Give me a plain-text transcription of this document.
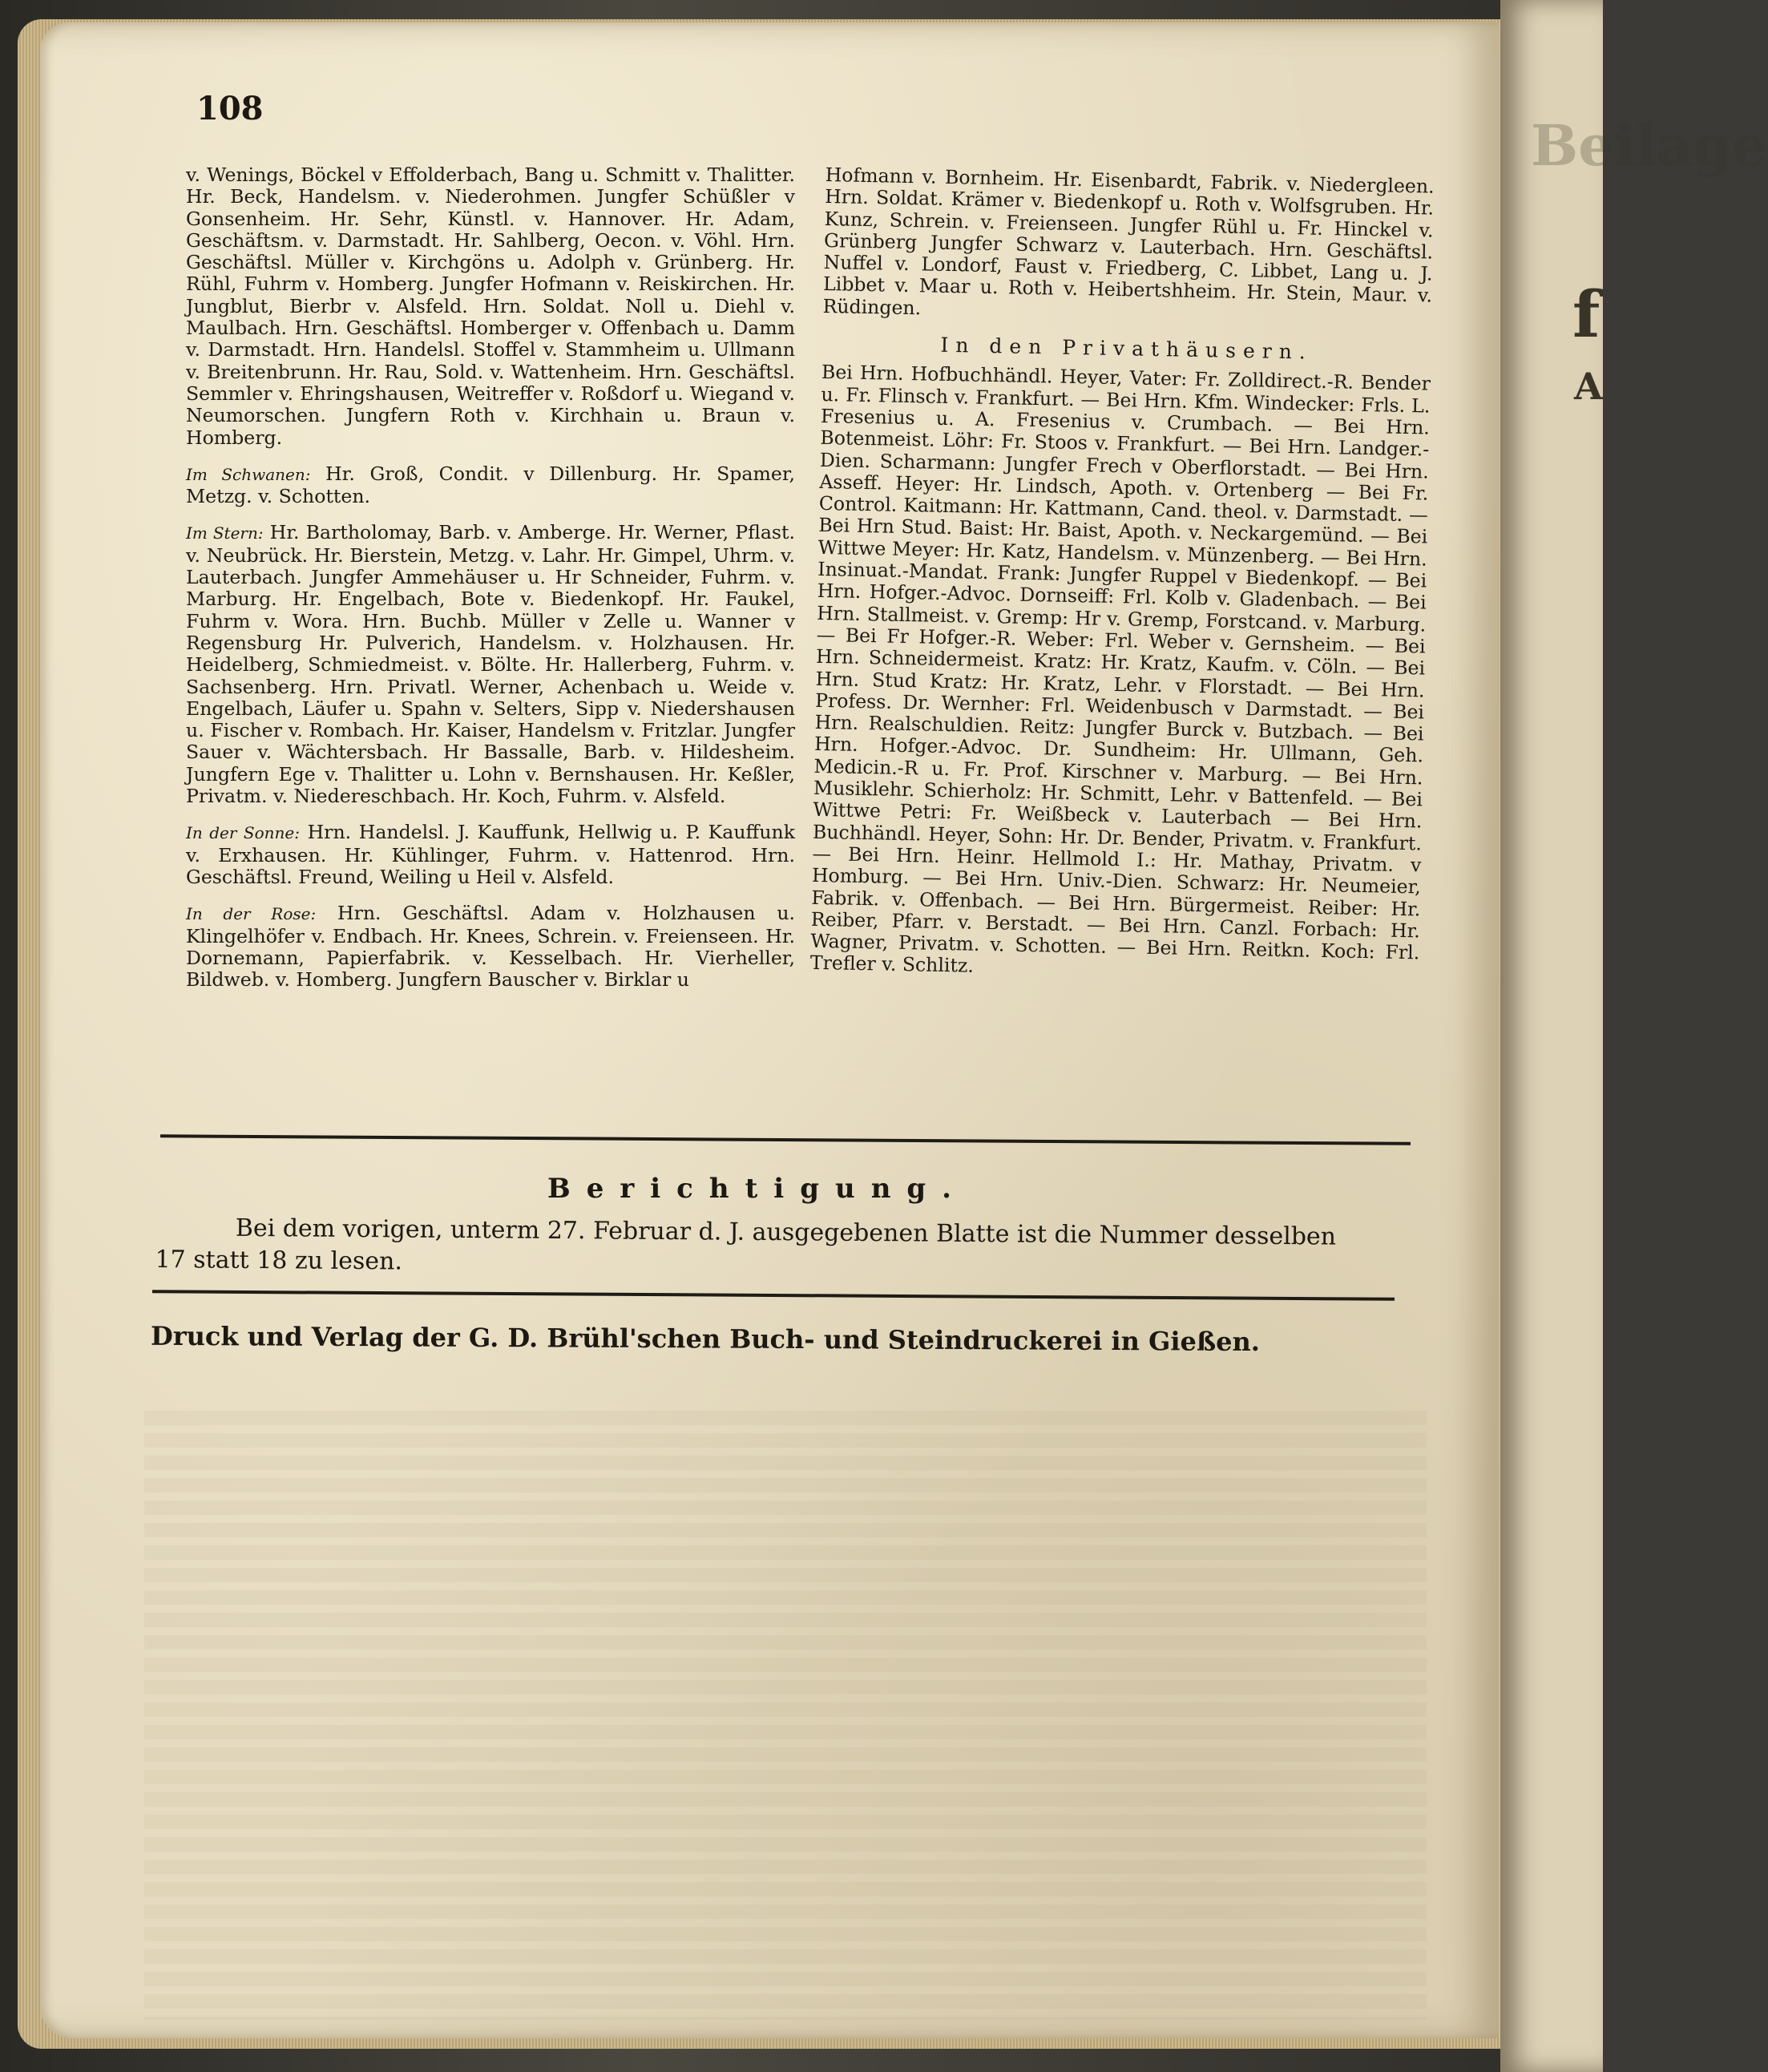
Beilage
A
f
108

v. Wenings, Böckel v Effolderbach, Bang u. Schmitt v. Thalitter. Hr. Beck, Handelsm. v. Niederohmen. Jungfer Schüßler v Gonsenheim. Hr. Sehr, Künstl. v. Hannover. Hr. Adam, Geschäftsm. v. Darmstadt. Hr. Sahlberg, Oecon. v. Vöhl. Hrn. Geschäftsl. Müller v. Kirchgöns u. Adolph v. Grünberg. Hr. Rühl, Fuhrm v. Homberg. Jungfer Hofmann v. Reiskirchen. Hr. Jungblut, Bierbr v. Alsfeld. Hrn. Soldat. Noll u. Diehl v. Maulbach. Hrn. Geschäftsl. Homberger v. Offenbach u. Damm v. Darmstadt. Hrn. Handelsl. Stoffel v. Stammheim u. Ullmann v. Breitenbrunn. Hr. Rau, Sold. v. Wattenheim. Hrn. Geschäftsl. Semmler v. Ehringshausen, Weitreffer v. Roßdorf u. Wiegand v. Neumorschen. Jungfern Roth v. Kirchhain u. Braun v. Homberg.

Im Schwanen: Hr. Groß, Condit. v Dillenburg. Hr. Spamer, Metzg. v. Schotten.

Im Stern: Hr. Bartholomay, Barb. v. Amberge. Hr. Werner, Pflast. v. Neubrück. Hr. Bierstein, Metzg. v. Lahr. Hr. Gimpel, Uhrm. v. Lauterbach. Jungfer Ammehäuser u. Hr Schneider, Fuhrm. v. Marburg. Hr. Engelbach, Bote v. Biedenkopf. Hr. Faukel, Fuhrm v. Wora. Hrn. Buchb. Müller v Zelle u. Wanner v Regensburg Hr. Pulverich, Handelsm. v. Holzhausen. Hr. Heidelberg, Schmiedmeist. v. Bölte. Hr. Hallerberg, Fuhrm. v. Sachsenberg. Hrn. Privatl. Werner, Achenbach u. Weide v. Engelbach, Läufer u. Spahn v. Selters, Sipp v. Niedershausen u. Fischer v. Rombach. Hr. Kaiser, Handelsm v. Fritzlar. Jungfer Sauer v. Wächtersbach. Hr Bassalle, Barb. v. Hildesheim. Jungfern Ege v. Thalitter u. Lohn v. Bernshausen. Hr. Keßler, Privatm. v. Niedereschbach. Hr. Koch, Fuhrm. v. Alsfeld.

In der Sonne: Hrn. Handelsl. J. Kauffunk, Hellwig u. P. Kauffunk v. Erxhausen. Hr. Kühlinger, Fuhrm. v. Hattenrod. Hrn. Geschäftsl. Freund, Weiling u Heil v. Alsfeld.

In der Rose: Hrn. Geschäftsl. Adam v. Holzhausen u. Klingelhöfer v. Endbach. Hr. Knees, Schrein. v. Freienseen. Hr. Dornemann, Papierfabrik. v. Kesselbach. Hr. Vierheller, Bildweb. v. Homberg. Jungfern Bauscher v. Birklar u

Hofmann v. Bornheim. Hr. Eisenbardt, Fabrik. v. Niedergleen. Hrn. Soldat. Krämer v. Biedenkopf u. Roth v. Wolfsgruben. Hr. Kunz, Schrein. v. Freienseen. Jungfer Rühl u. Fr. Hinckel v. Grünberg Jungfer Schwarz v. Lauterbach. Hrn. Geschäftsl. Nuffel v. Londorf, Faust v. Friedberg, C. Libbet, Lang u. J. Libbet v. Maar u. Roth v. Heibertshheim. Hr. Stein, Maur. v. Rüdingen.

In den Privathäusern.

Bei Hrn. Hofbuchhändl. Heyer, Vater: Fr. Zolldirect.-R. Bender u. Fr. Flinsch v. Frankfurt. — Bei Hrn. Kfm. Windecker: Frls. L. Fresenius u. A. Fresenius v. Crumbach. — Bei Hrn. Botenmeist. Löhr: Fr. Stoos v. Frankfurt. — Bei Hrn. Landger.-Dien. Scharmann: Jungfer Frech v Oberflorstadt. — Bei Hrn. Asseff. Heyer: Hr. Lindsch, Apoth. v. Ortenberg — Bei Fr. Control. Kaitmann: Hr. Kattmann, Cand. theol. v. Darmstadt. — Bei Hrn Stud. Baist: Hr. Baist, Apoth. v. Neckargemünd. — Bei Wittwe Meyer: Hr. Katz, Handelsm. v. Münzenberg. — Bei Hrn. Insinuat.-Mandat. Frank: Jungfer Ruppel v Biedenkopf. — Bei Hrn. Hofger.-Advoc. Dornseiff: Frl. Kolb v. Gladenbach. — Bei Hrn. Stallmeist. v. Gremp: Hr v. Gremp, Forstcand. v. Marburg. — Bei Fr Hofger.-R. Weber: Frl. Weber v. Gernsheim. — Bei Hrn. Schneidermeist. Kratz: Hr. Kratz, Kaufm. v. Cöln. — Bei Hrn. Stud Kratz: Hr. Kratz, Lehr. v Florstadt. — Bei Hrn. Profess. Dr. Wernher: Frl. Weidenbusch v Darmstadt. — Bei Hrn. Realschuldien. Reitz: Jungfer Burck v. Butzbach. — Bei Hrn. Hofger.-Advoc. Dr. Sundheim: Hr. Ullmann, Geh. Medicin.-R u. Fr. Prof. Kirschner v. Marburg. — Bei Hrn. Musiklehr. Schierholz: Hr. Schmitt, Lehr. v Battenfeld. — Bei Wittwe Petri: Fr. Weißbeck v. Lauterbach — Bei Hrn. Buchhändl. Heyer, Sohn: Hr. Dr. Bender, Privatm. v. Frankfurt. — Bei Hrn. Heinr. Hellmold I.: Hr. Mathay, Privatm. v Homburg. — Bei Hrn. Univ.-Dien. Schwarz: Hr. Neumeier, Fabrik. v. Offenbach. — Bei Hrn. Bürgermeist. Reiber: Hr. Reiber, Pfarr. v. Berstadt. — Bei Hrn. Canzl. Forbach: Hr. Wagner, Privatm. v. Schotten. — Bei Hrn. Reitkn. Koch: Frl. Trefler v. Schlitz.

Berichtigung.
Bei dem vorigen, unterm 27. Februar d. J. ausgegebenen Blatte ist die Nummer desselben
17 statt 18 zu lesen.
Druck und Verlag der G. D. Brühl'schen Buch- und Steindruckerei in Gießen.
